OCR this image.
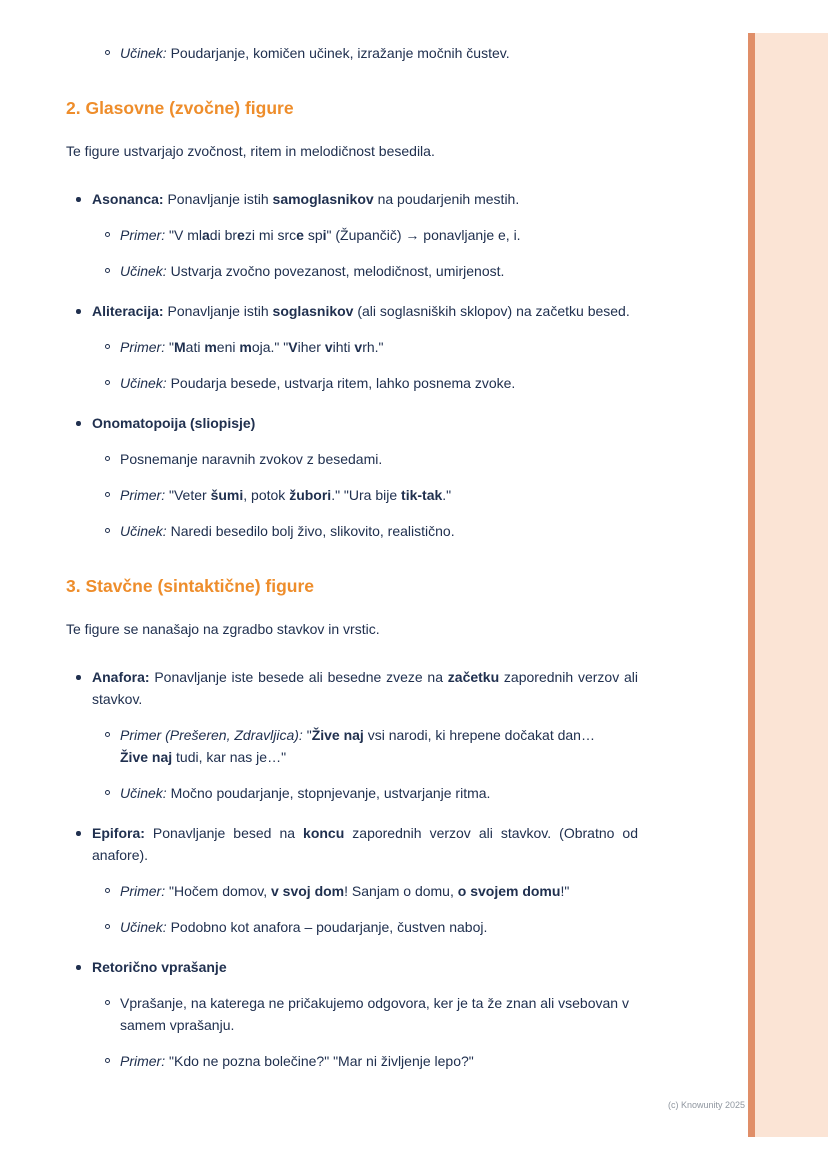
Učinek: Poudarjanje, komičen učinek, izražanje močnih čustev.
2. Glasovne (zvočne) figure

Te figure ustvarjajo zvočnost, ritem in melodičnost besedila.

Asonanca: Ponavljanje istih samoglasnikov na poudarjenih mestih.
Primer: "V mladi brezi mi srce spi" (Župančič) → ponavljanje e, i.
Učinek: Ustvarja zvočno povezanost, melodičnost, umirjenost.
Aliteracija: Ponavljanje istih soglasnikov (ali soglasniških sklopov) na začetku besed.
Primer: "Mati meni moja." "Viher vihti vrh."
Učinek: Poudarja besede, ustvarja ritem, lahko posnema zvoke.
Onomatopoija (sliopisje)
Posnemanje naravnih zvokov z besedami.
Primer: "Veter šumi, potok žubori." "Ura bije tik-tak."
Učinek: Naredi besedilo bolj živo, slikovito, realistično.
3. Stavčne (sintaktične) figure

Te figure se nanašajo na zgradbo stavkov in vrstic.

Anafora: Ponavljanje iste besede ali besedne zveze na začetku zaporednih verzov ali stavkov.
Primer (Prešeren, Zdravljica): "Žive naj vsi narodi, ki hrepene dočakat dan…
Žive naj tudi, kar nas je…"
Učinek: Močno poudarjanje, stopnjevanje, ustvarjanje ritma.
Epifora: Ponavljanje besed na koncu zaporednih verzov ali stavkov. (Obratno od anafore).
Primer: "Hočem domov, v svoj dom! Sanjam o domu, o svojem domu!"
Učinek: Podobno kot anafora – poudarjanje, čustven naboj.
Retorično vprašanje
Vprašanje, na katerega ne pričakujemo odgovora, ker je ta že znan ali vsebovan v samem vprašanju.
Primer: "Kdo ne pozna bolečine?" "Mar ni življenje lepo?"
(c) Knowunity 2025
